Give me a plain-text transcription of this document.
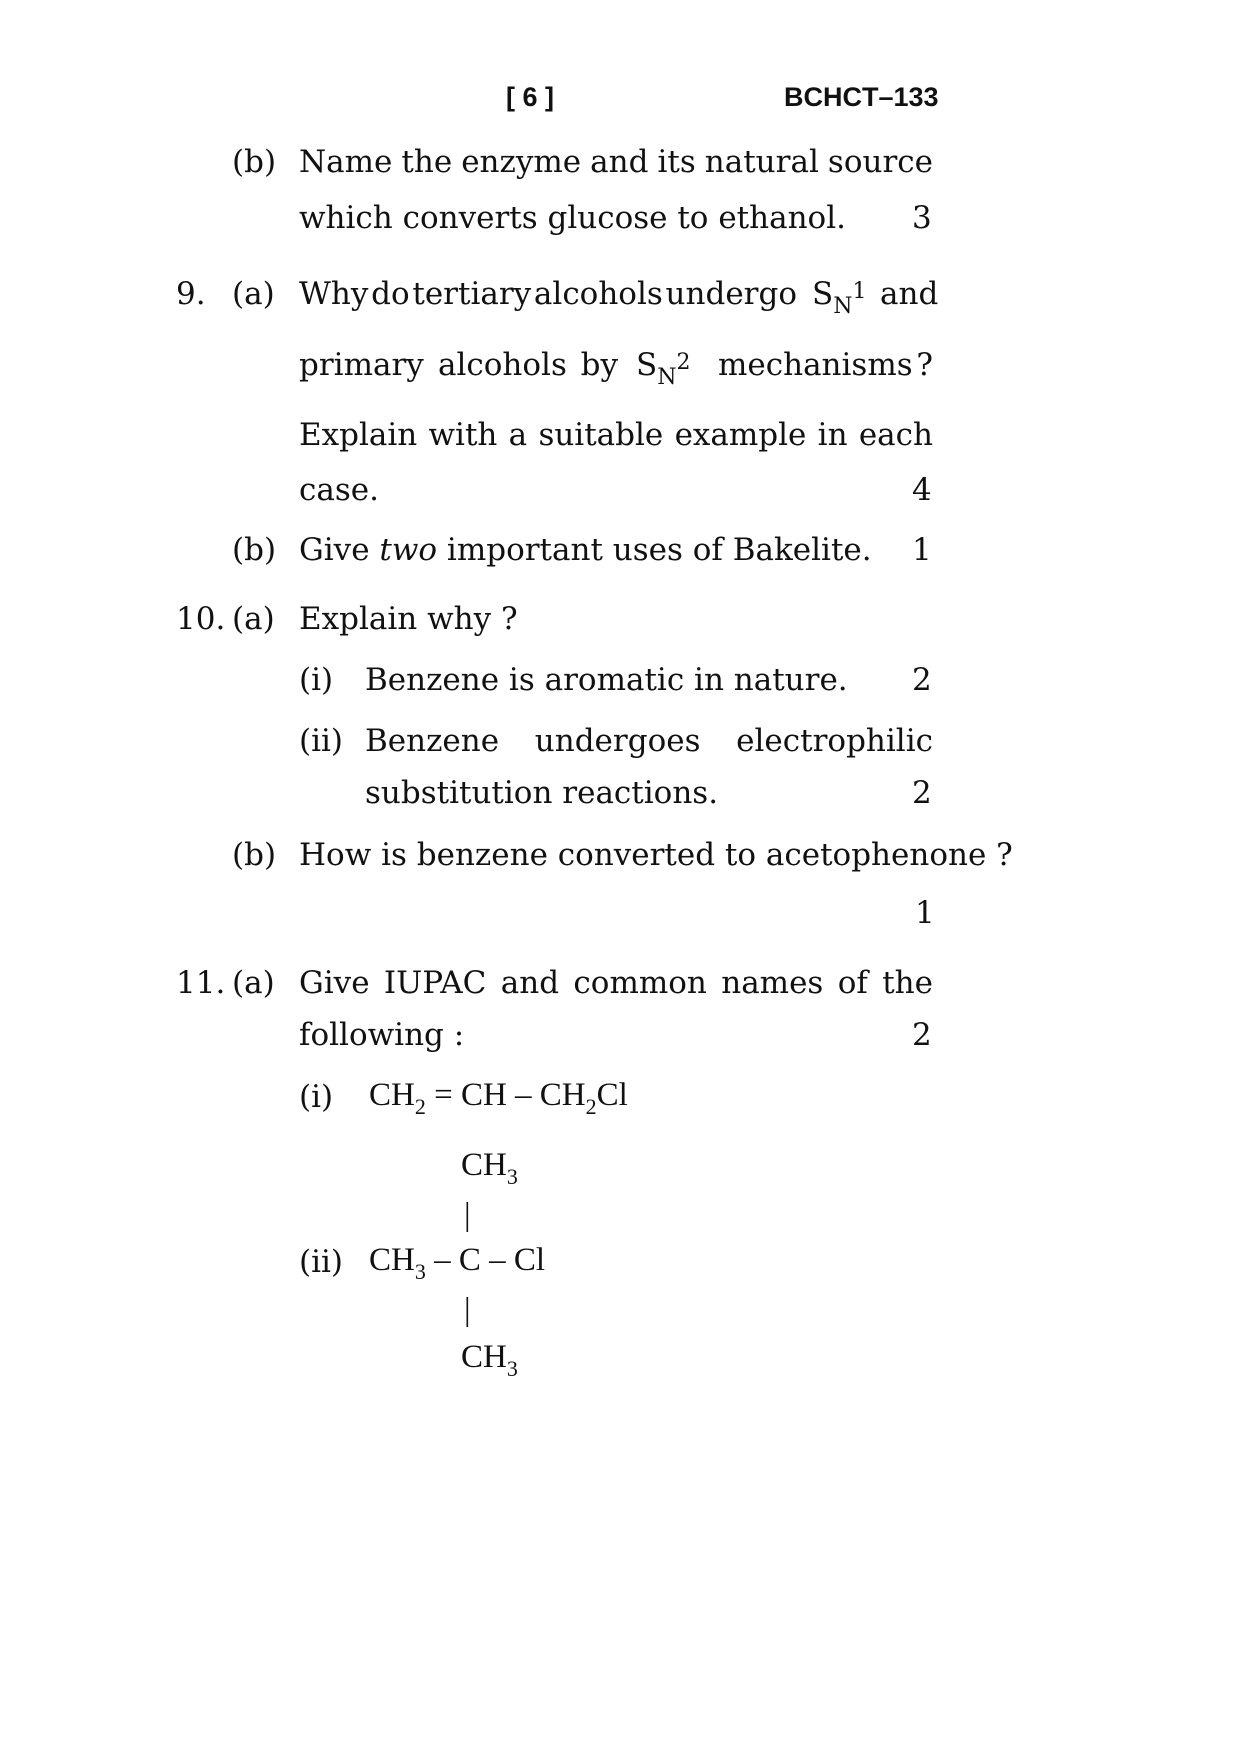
[ 6 ]	BCHCT–133
(b) Name the enzyme and its natural source
which converts glucose to ethanol. 3
9. (a) Why do tertiary alcohols undergo $S_N1$ and
primary alcohols by $S_N2$ mechanisms ?
Explain with a suitable example in each
case.	4
(b) Give two important uses of Bakelite. 1
10. (a) Explain why ?
(i) Benzene is aromatic in nature. 2
(ii) Benzene undergoes electrophilic
substitution reactions.	2
(b) How is benzene converted to acetophenone ?
1
11. (a) Give IUPAC and common names of the
following :	2
(i) $CH_2$ = CH – $CH_2Cl$
$CH_3$
|
(ii) $CH_3$ – C – Cl
|
$CH_3$
